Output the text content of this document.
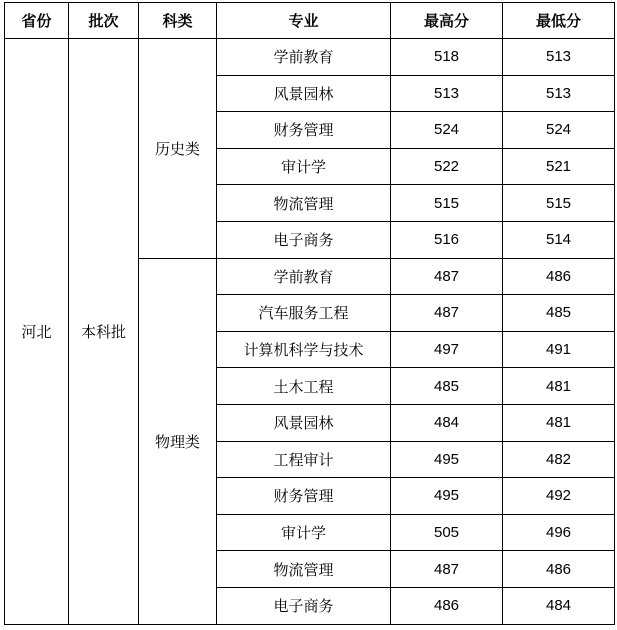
省份	批次	科类	专业	最高分	最低分
河北	本科批	历史类	学前教育	518	513
			风景园林	513	513
			财务管理	524	524
			审计学	522	521
			物流管理	515	515
			电子商务	516	514
		物理类	学前教育	487	486
			汽车服务工程	487	485
			计算机科学与技术	497	491
			土木工程	485	481
			风景园林	484	481
			工程审计	495	482
			财务管理	495	492
			审计学	505	496
			物流管理	487	486
			电子商务	486	484
